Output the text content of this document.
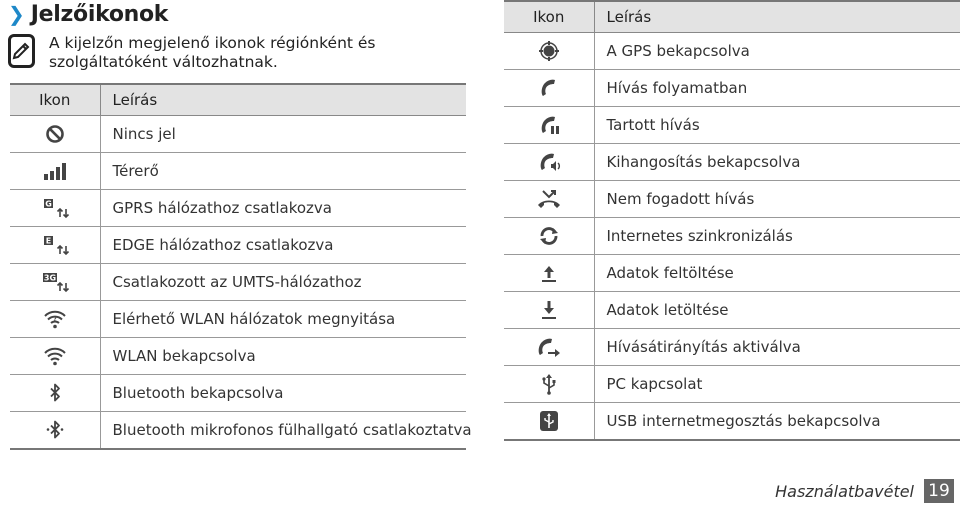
❯ Jelzőikonok
A kijelzőn megjelenő ikonok régiónként és szolgáltatóként változhatnak.
Ikon	Leírás

	Nincs jel

	Térerő

G	GPRS hálózathoz csatlakozva

E	EDGE hálózathoz csatlakozva

3G	Csatlakozott az UMTS-hálózathoz

?	Elérhető WLAN hálózatok megnyitása

	WLAN bekapcsolva

	Bluetooth bekapcsolva

	Bluetooth mikrofonos fülhallgató csatlakoztatva
Ikon	Leírás

	A GPS bekapcsolva

	Hívás folyamatban

	Tartott hívás

	Kihangosítás bekapcsolva

	Nem fogadott hívás

	Internetes szinkronizálás

	Adatok feltöltése

	Adatok letöltése

	Hívásátirányítás aktiválva

	PC kapcsolat

	USB internetmegosztás bekapcsolva
Használatbavétel 19
